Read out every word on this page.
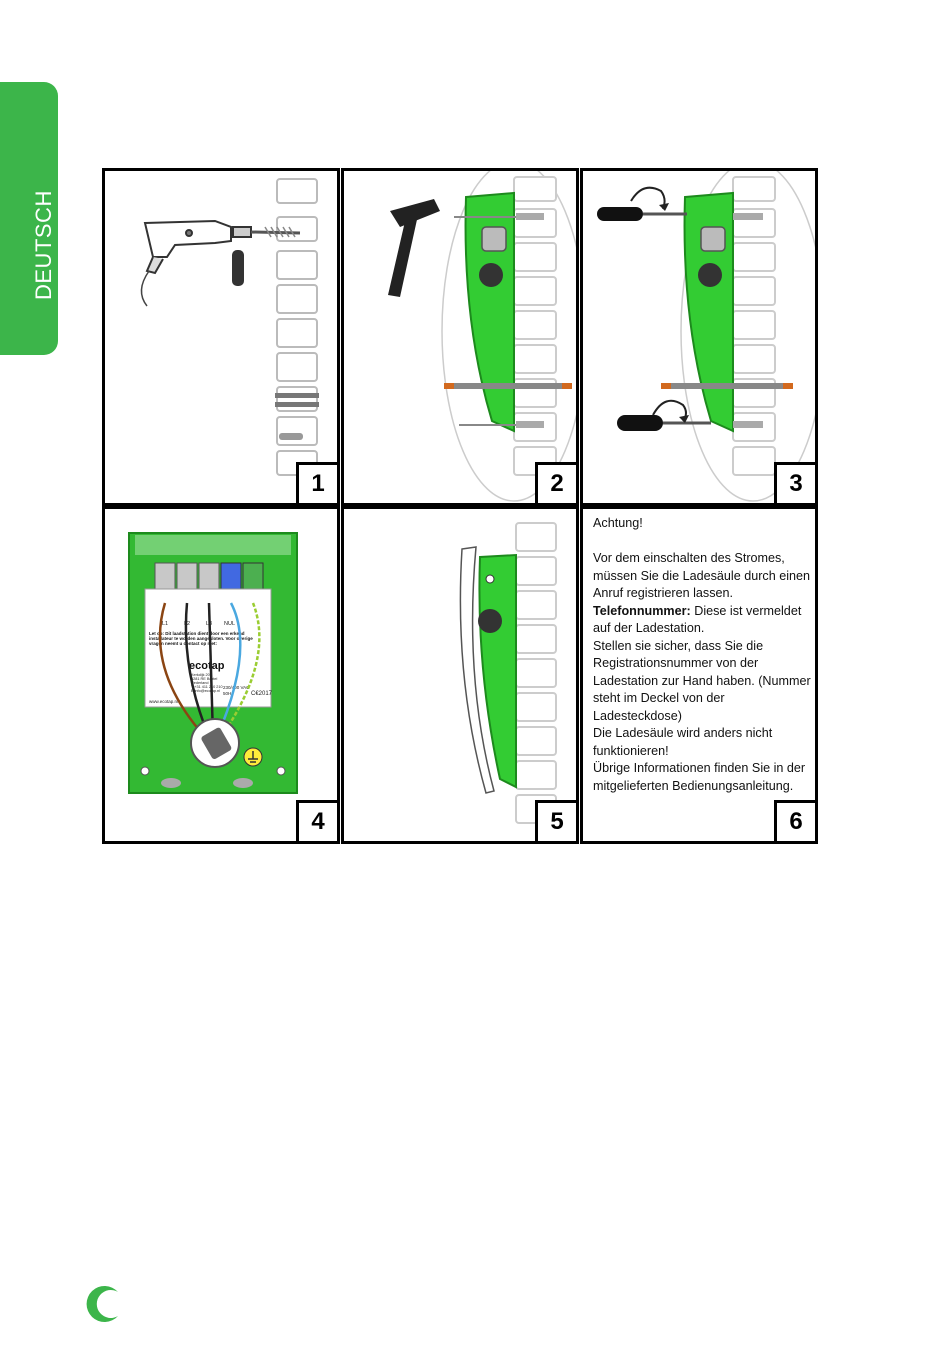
DEUTSCH
1	2	3
L1	L2	L3 NUL
Let op: Dit laadstation dient door een erkend installateur te worden aangesloten. Voor overige vragen neemt u contact op met:
ecotap
Kerkdijk 20
5281 RE Boxtel
Nederland
T +31 411 210 210
E info@ecotap.nl
230/400 VAC
50Hz	C€2017
www.ecotap.nl
4	5

Achtung!

Vor dem einschalten des Stromes, müssen Sie die Ladesäule durch einen Anruf registrieren lassen.

Telefonnummer: Diese ist vermeldet auf der Ladestation.

Stellen sie sicher, dass Sie die Registrationsnummer von der Ladestation zur Hand haben. (Nummer steht im Deckel von der Ladesteckdose)

Die Ladesäule wird anders nicht funktionieren!

Übrige Informationen finden Sie in der mitgelieferten Bedienungsanleitung.

6
